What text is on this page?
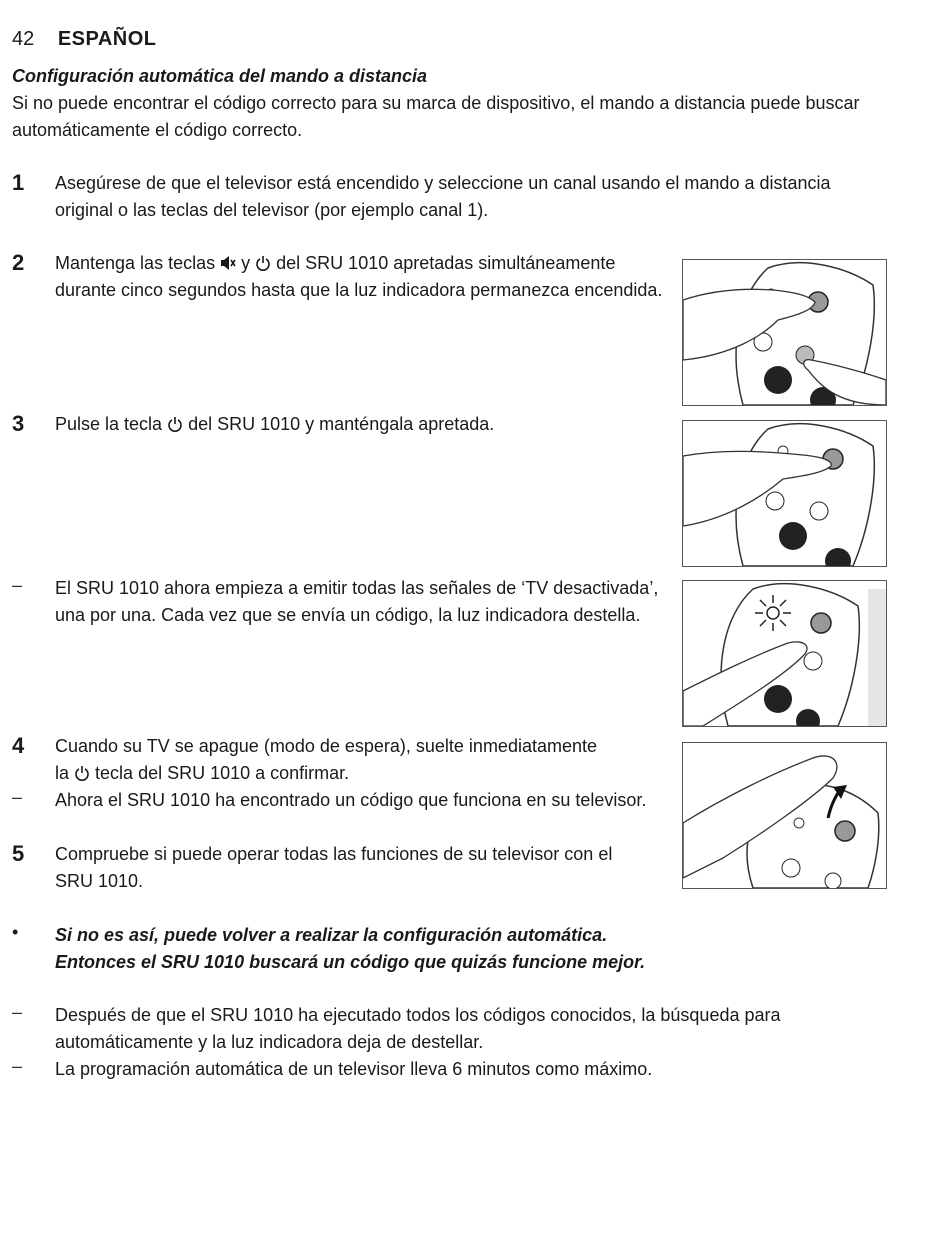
42 ESPAÑOL
Configuración automática del mando a distancia
Si no puede encontrar el código correcto para su marca de dispositivo, el mando a distancia puede buscar automáticamente el código correcto.
1 Asegúrese de que el televisor está encendido y seleccione un canal usando el mando a distancia original o las teclas del televisor (por ejemplo canal 1).
2 Mantenga las teclas y del SRU 1010 apretadas simultáneamente
durante cinco segundos hasta que la luz indicadora permanezca encendida.
3 Pulse la tecla del SRU 1010 y manténgala apretada.
– El SRU 1010 ahora empieza a emitir todas las señales de ‘TV desactivada’, una por una. Cada vez que se envía un código, la luz indicadora destella.
4 Cuando su TV se apague (modo de espera), suelte inmediatamente
la tecla del SRU 1010 a confirmar.
– Ahora el SRU 1010 ha encontrado un código que funciona en su televisor.
5 Compruebe si puede operar todas las funciones de su televisor con el SRU 1010.
• Si no es así, puede volver a realizar la configuración automática.
Entonces el SRU 1010 buscará un código que quizás funcione mejor.
– Después de que el SRU 1010 ha ejecutado todos los códigos conocidos, la búsqueda para automáticamente y la luz indicadora deja de destellar.
– La programación automática de un televisor lleva 6 minutos como máximo.
